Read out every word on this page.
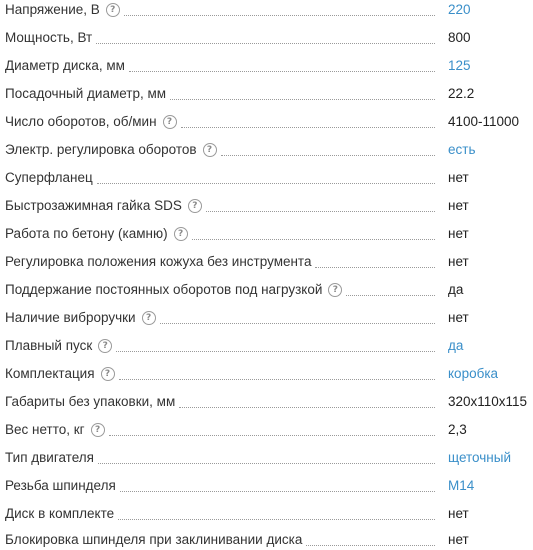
Напряжение, В	?	220
Мощность, Вт	800
Диаметр диска, мм	125
Посадочный диаметр, мм	22.2
Число оборотов, об/мин	?	4100-11000
Электр. регулировка оборотов	?	есть
Суперфланец	нет
Быстрозажимная гайка SDS	?	нет
Работа по бетону (камню)	?	нет
Регулировка положения кожуха без инструмента	нет
Поддержание постоянных оборотов под нагрузкой	?	да
Наличие виброручки	?	нет
Плавный пуск	?	да
Комплектация	?	коробка
Габариты без упаковки, мм	320x110x115
Вес нетто, кг	?	2,3
Тип двигателя	щеточный
Резьба шпинделя	M14
Диск в комплекте	нет
Блокировка шпинделя при заклинивании диска	нет
